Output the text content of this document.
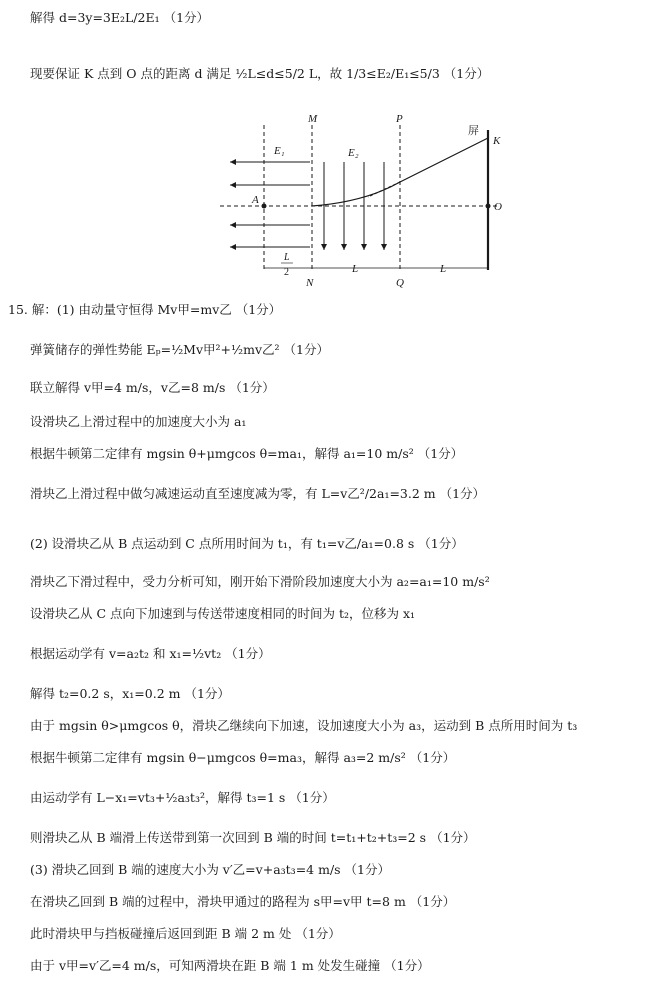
解得 d=3y=3E₂L/2E₁ （1分）
现要保证 K 点到 O 点的距离 d 满足 ½L≤d≤5/2 L，故 1/3≤E₂/E₁≤5/3 （1分）
M	P
N	Q
屏
K
O
A
E₁	E₂
L
2	L	L
15. 解：(1) 由动量守恒得 Mv甲=mv乙 （1分）
弹簧储存的弹性势能 Eₚ=½Mv甲²+½mv乙² （1分）
联立解得 v甲=4 m/s，v乙=8 m/s （1分）
设滑块乙上滑过程中的加速度大小为 a₁
根据牛顿第二定律有 mgsin θ+μmgcos θ=ma₁，解得 a₁=10 m/s² （1分）
滑块乙上滑过程中做匀减速运动直至速度减为零，有 L=v乙²/2a₁=3.2 m （1分）
(2) 设滑块乙从 B 点运动到 C 点所用时间为 t₁，有 t₁=v乙/a₁=0.8 s （1分）
滑块乙下滑过程中，受力分析可知，刚开始下滑阶段加速度大小为 a₂=a₁=10 m/s²
设滑块乙从 C 点向下加速到与传送带速度相同的时间为 t₂，位移为 x₁
根据运动学有 v=a₂t₂ 和 x₁=½vt₂ （1分）
解得 t₂=0.2 s，x₁=0.2 m （1分）
由于 mgsin θ>μmgcos θ，滑块乙继续向下加速，设加速度大小为 a₃，运动到 B 点所用时间为 t₃
根据牛顿第二定律有 mgsin θ−μmgcos θ=ma₃，解得 a₃=2 m/s² （1分）
由运动学有 L−x₁=vt₃+½a₃t₃²，解得 t₃=1 s （1分）
则滑块乙从 B 端滑上传送带到第一次回到 B 端的时间 t=t₁+t₂+t₃=2 s （1分）
(3) 滑块乙回到 B 端的速度大小为 v′乙=v+a₃t₃=4 m/s （1分）
在滑块乙回到 B 端的过程中，滑块甲通过的路程为 s甲=v甲 t=8 m （1分）
此时滑块甲与挡板碰撞后返回到距 B 端 2 m 处 （1分）
由于 v甲=v′乙=4 m/s，可知两滑块在距 B 端 1 m 处发生碰撞 （1分）
